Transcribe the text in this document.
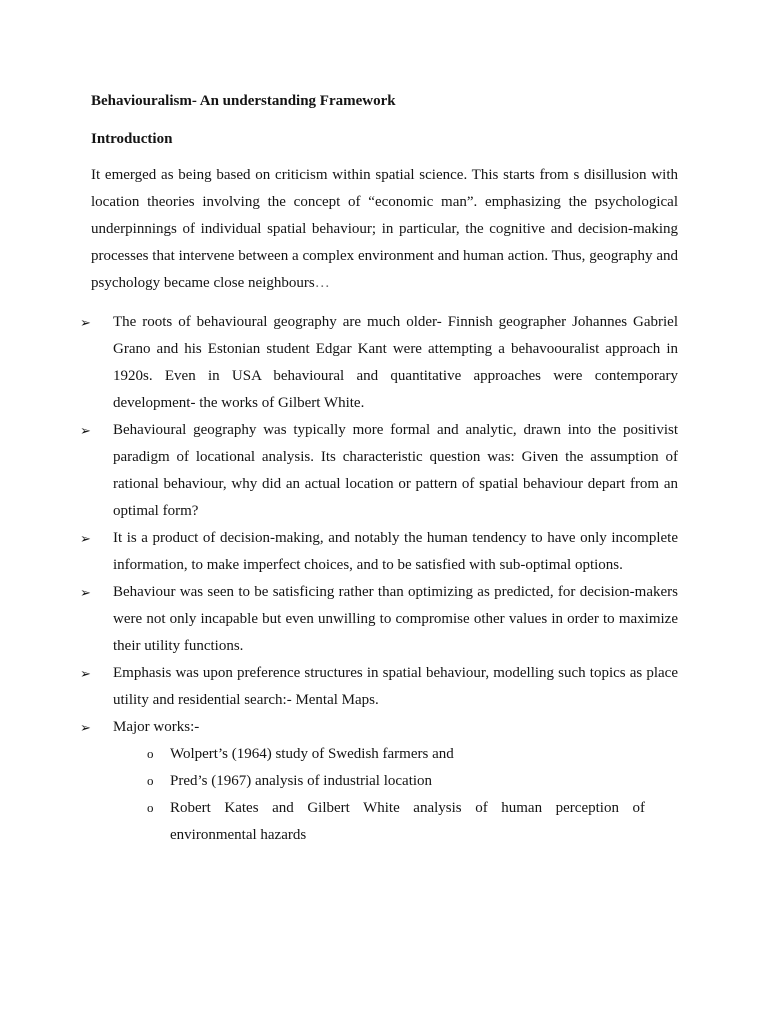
Behaviouralism- An understanding Framework
Introduction

It emerged as being based on criticism within spatial science. This starts from s disillusion with location theories involving the concept of “economic man”. emphasizing the psychological underpinnings of individual spatial behaviour; in particular, the cognitive and decision-making processes that intervene between a complex environment and human action. Thus, geography and psychology became close neighbours…

➢ The roots of behavioural geography are much older- Finnish geographer Johannes Gabriel Grano and his Estonian student Edgar Kant were attempting a behavoouralist approach in 1920s. Even in USA behavioural and quantitative approaches were contemporary development- the works of Gilbert White.
➢ Behavioural geography was typically more formal and analytic, drawn into the positivist paradigm of locational analysis. Its characteristic question was: Given the assumption of rational behaviour, why did an actual location or pattern of spatial behaviour depart from an optimal form?
➢ It is a product of decision-making, and notably the human tendency to have only incomplete information, to make imperfect choices, and to be satisfied with sub-optimal options.
➢ Behaviour was seen to be satisficing rather than optimizing as predicted, for decision-makers were not only incapable but even unwilling to compromise other values in order to maximize their utility functions.
➢ Emphasis was upon preference structures in spatial behaviour, modelling such topics as place utility and residential search:- Mental Maps.
➢ Major works:-
o Wolpert’s (1964) study of Swedish farmers and
o Pred’s (1967) analysis of industrial location
o Robert Kates and Gilbert White analysis of human perception of environmental hazards
